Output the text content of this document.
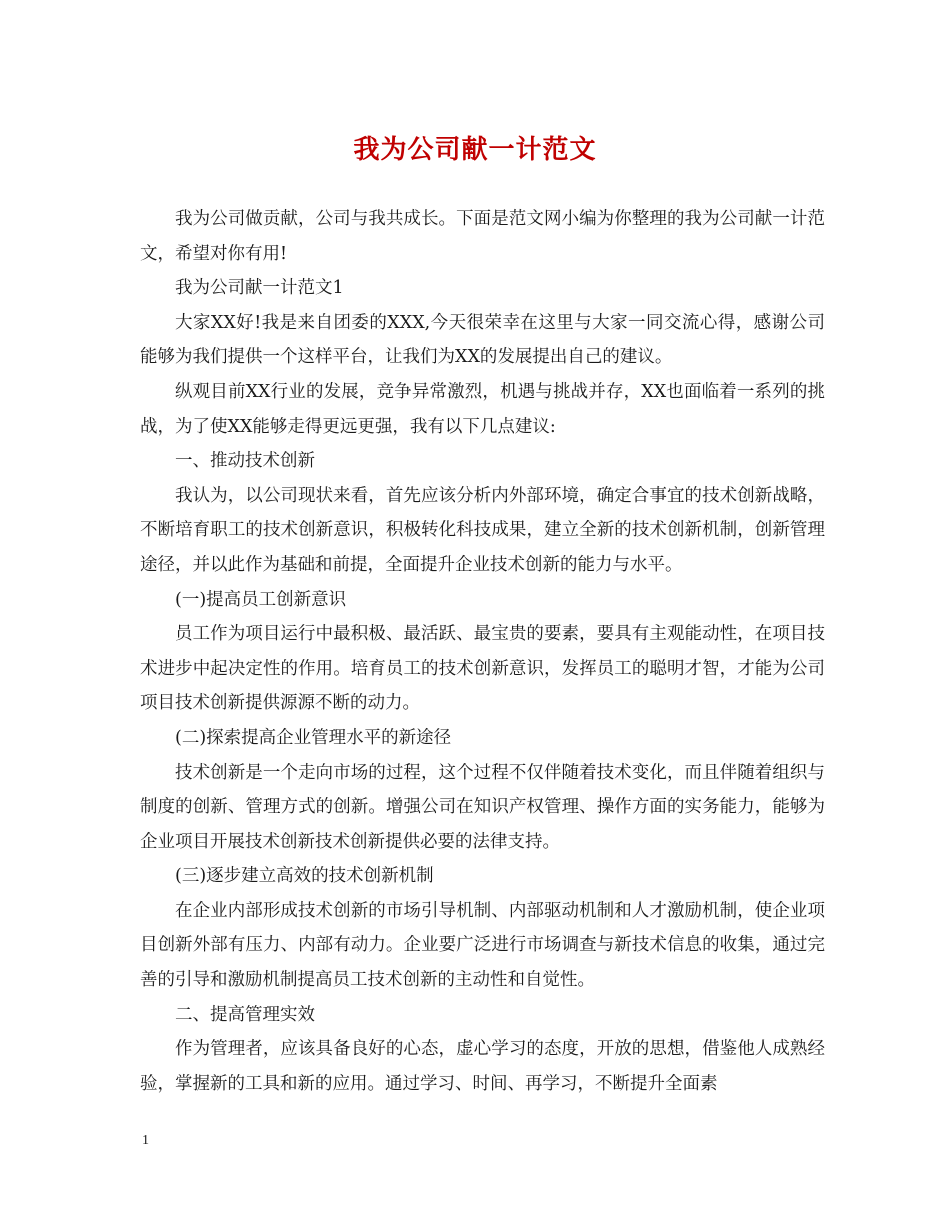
我为公司献一计范文

我为公司做贡献，公司与我共成长。下面是范文网小编为你整理的我为公司献一计范文，希望对你有用!

我为公司献一计范文1

大家XX好!我是来自团委的XXX,今天很荣幸在这里与大家一同交流心得，感谢公司能够为我们提供一个这样平台，让我们为XX的发展提出自己的建议。

纵观目前XX行业的发展，竞争异常激烈，机遇与挑战并存，XX也面临着一系列的挑战，为了使XX能够走得更远更强，我有以下几点建议:

一、推动技术创新

我认为，以公司现状来看，首先应该分析内外部环境，确定合事宜的技术创新战略，不断培育职工的技术创新意识，积极转化科技成果，建立全新的技术创新机制，创新管理途径，并以此作为基础和前提，全面提升企业技术创新的能力与水平。

(一)提高员工创新意识

员工作为项目运行中最积极、最活跃、最宝贵的要素，要具有主观能动性，在项目技术进步中起决定性的作用。培育员工的技术创新意识，发挥员工的聪明才智，才能为公司项目技术创新提供源源不断的动力。

(二)探索提高企业管理水平的新途径

技术创新是一个走向市场的过程，这个过程不仅伴随着技术变化，而且伴随着组织与制度的创新、管理方式的创新。增强公司在知识产权管理、操作方面的实务能力，能够为企业项目开展技术创新技术创新提供必要的法律支持。

(三)逐步建立高效的技术创新机制

在企业内部形成技术创新的市场引导机制、内部驱动机制和人才激励机制，使企业项目创新外部有压力、内部有动力。企业要广泛进行市场调查与新技术信息的收集，通过完善的引导和激励机制提高员工技术创新的主动性和自觉性。

二、提高管理实效

作为管理者，应该具备良好的心态，虚心学习的态度，开放的思想，借鉴他人成熟经验，掌握新的工具和新的应用。通过学习、时间、再学习，不断提升全面素

1
